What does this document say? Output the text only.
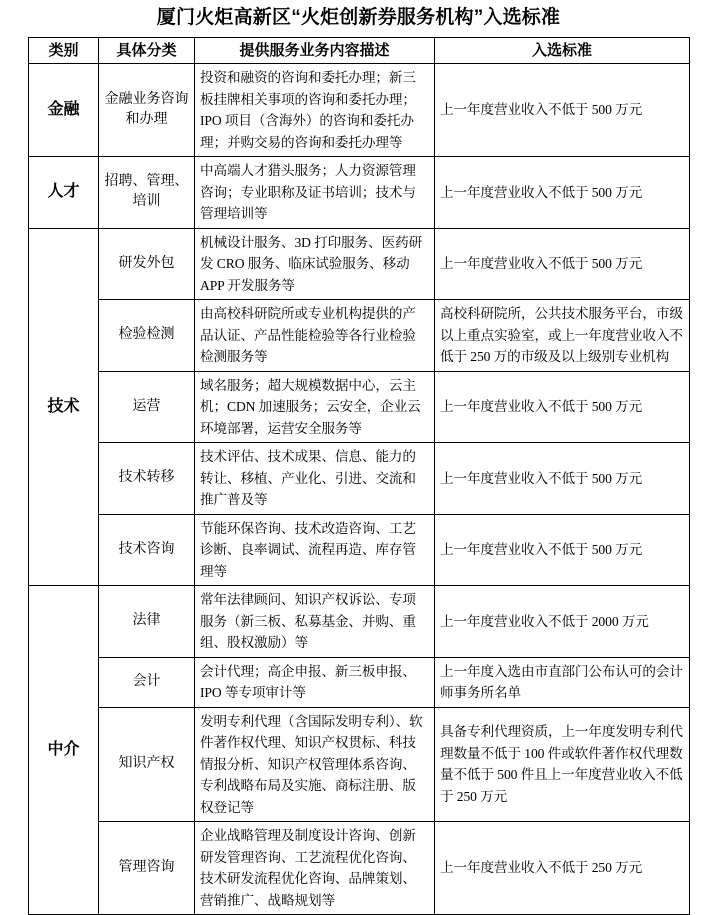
厦门火炬高新区“火炬创新券服务机构”入选标准
类别	具体分类	提供服务业务内容描述	入选标准
金融	金融业务咨询和办理	投资和融资的咨询和委托办理；新三板挂牌相关事项的咨询和委托办理；IPO 项目（含海外）的咨询和委托办理；并购交易的咨询和委托办理等	上一年度营业收入不低于 500 万元
人才	招聘、管理、培训	中高端人才猎头服务；人力资源管理咨询；专业职称及证书培训；技术与管理培训等	上一年度营业收入不低于 500 万元
技术	研发外包	机械设计服务、3D 打印服务、医药研发 CRO 服务、临床试验服务、移动 APP 开发服务等	上一年度营业收入不低于 500 万元
	检验检测	由高校科研院所或专业机构提供的产品认证、产品性能检验等各行业检验检测服务等	高校科研院所，公共技术服务平台，市级以上重点实验室，或上一年度营业收入不低于 250 万的市级及以上级别专业机构
	运营	域名服务；超大规模数据中心，云主机；CDN 加速服务；云安全，企业云环境部署，运营安全服务等	上一年度营业收入不低于 500 万元
	技术转移	技术评估、技术成果、信息、能力的转让、移植、产业化、引进、交流和推广普及等	上一年度营业收入不低于 500 万元
	技术咨询	节能环保咨询、技术改造咨询、工艺诊断、良率调试、流程再造、库存管理等	上一年度营业收入不低于 500 万元
中介	法律	常年法律顾问、知识产权诉讼、专项服务（新三板、私募基金、并购、重组、股权激励）等	上一年度营业收入不低于 2000 万元
	会计	会计代理；高企申报、新三板申报、IPO 等专项审计等	上一年度入选由市直部门公布认可的会计师事务所名单
	知识产权	发明专利代理（含国际发明专利）、软件著作权代理、知识产权贯标、科技情报分析、知识产权管理体系咨询、专利战略布局及实施、商标注册、版权登记等	具备专利代理资质，上一年度发明专利代理数量不低于 100 件或软件著作权代理数量不低于 500 件且上一年度营业收入不低于 250 万元
	管理咨询	企业战略管理及制度设计咨询、创新研发管理咨询、工艺流程优化咨询、技术研发流程优化咨询、品牌策划、营销推广、战略规划等	上一年度营业收入不低于 250 万元
